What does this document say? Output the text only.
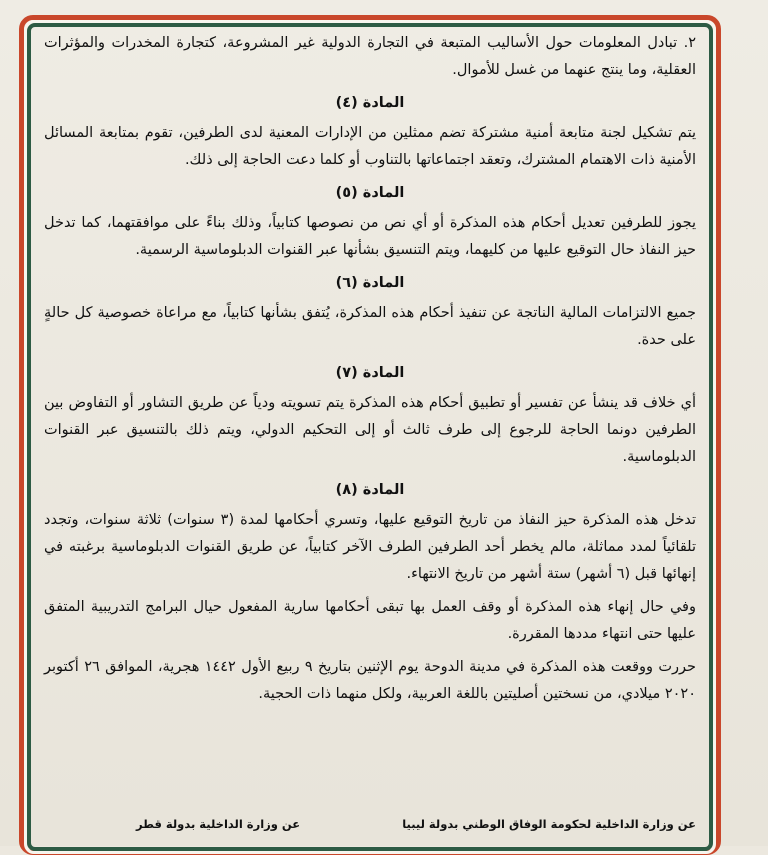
٢. تبادل المعلومات حول الأساليب المتبعة في التجارة الدولية غير المشروعة، كتجارة المخدرات والمؤثرات العقلية، وما ينتج عنهما من غسل للأموال.

المادة (٤)

يتم تشكيل لجنة متابعة أمنية مشتركة تضم ممثلين من الإدارات المعنية لدى الطرفين، تقوم بمتابعة المسائل الأمنية ذات الاهتمام المشترك، وتعقد اجتماعاتها بالتناوب أو كلما دعت الحاجة إلى ذلك.

المادة (٥)

يجوز للطرفين تعديل أحكام هذه المذكرة أو أي نص من نصوصها كتابياً، وذلك بناءً على موافقتهما، كما تدخل حيز النفاذ حال التوقيع عليها من كليهما، ويتم التنسيق بشأنها عبر القنوات الدبلوماسية الرسمية.

المادة (٦)

جميع الالتزامات المالية الناتجة عن تنفيذ أحكام هذه المذكرة، يُتفق بشأنها كتابياً، مع مراعاة خصوصية كل حالةٍ على حدة.

المادة (٧)

أي خلاف قد ينشأ عن تفسير أو تطبيق أحكام هذه المذكرة يتم تسويته ودياً عن طريق التشاور أو التفاوض بين الطرفين دونما الحاجة للرجوع إلى طرف ثالث أو إلى التحكيم الدولي، ويتم ذلك بالتنسيق عبر القنوات الدبلوماسية.

المادة (٨)

تدخل هذه المذكرة حيز النفاذ من تاريخ التوقيع عليها، وتسري أحكامها لمدة (٣ سنوات) ثلاثة سنوات، وتجدد تلقائياً لمدد مماثلة، مالم يخطر أحد الطرفين الطرف الآخر كتابياً، عن طريق القنوات الدبلوماسية برغبته في إنهائها قبل (٦ أشهر) ستة أشهر من تاريخ الانتهاء.

وفي حال إنهاء هذه المذكرة أو وقف العمل بها تبقى أحكامها سارية المفعول حيال البرامج التدريبية المتفق عليها حتى انتهاء مددها المقررة.

حررت ووقعت هذه المذكرة في مدينة الدوحة يوم الإثنين بتاريخ ٩ ربيع الأول ١٤٤٢ هجرية، الموافق ٢٦ أكتوبر ٢٠٢٠ ميلادي، من نسختين أصليتين باللغة العربية، ولكل منهما ذات الحجية.

عن وزارة الداخلية لحكومة الوفاق الوطني بدولة ليبيا
عن وزارة الداخلية بدولة قطر
